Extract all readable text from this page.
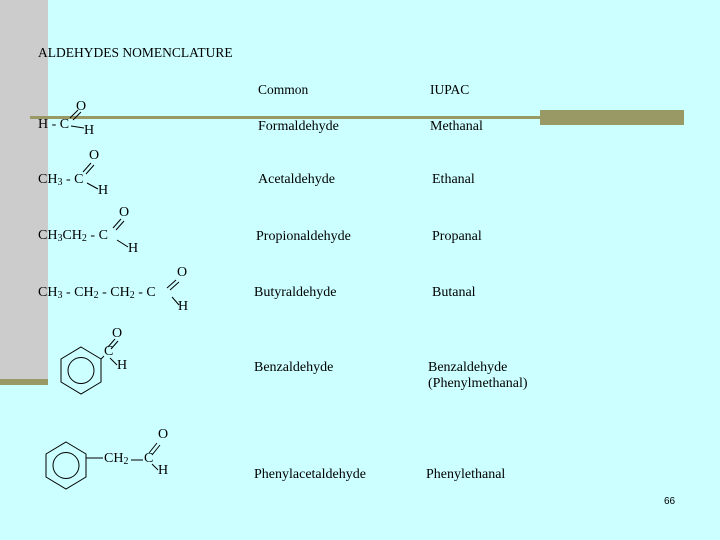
ALDEHYDES NOMENCLATURE
Common	IUPAC
Formaldehyde	Methanal
Acetaldehyde	Ethanal
Propionaldehyde	Propanal
Butyraldehyde	Butanal
Benzaldehyde	Benzaldehyde
(Phenylmethanal)
Phenylacetaldehyde	Phenylethanal
H - C
O
H
$CH_3$ - C
O
H
$CH_3CH_2$ - C
O
H
$CH_3 - CH_2 - CH_2$ - C
O
H
C
O
H
$CH_2$ C
O
H
66
